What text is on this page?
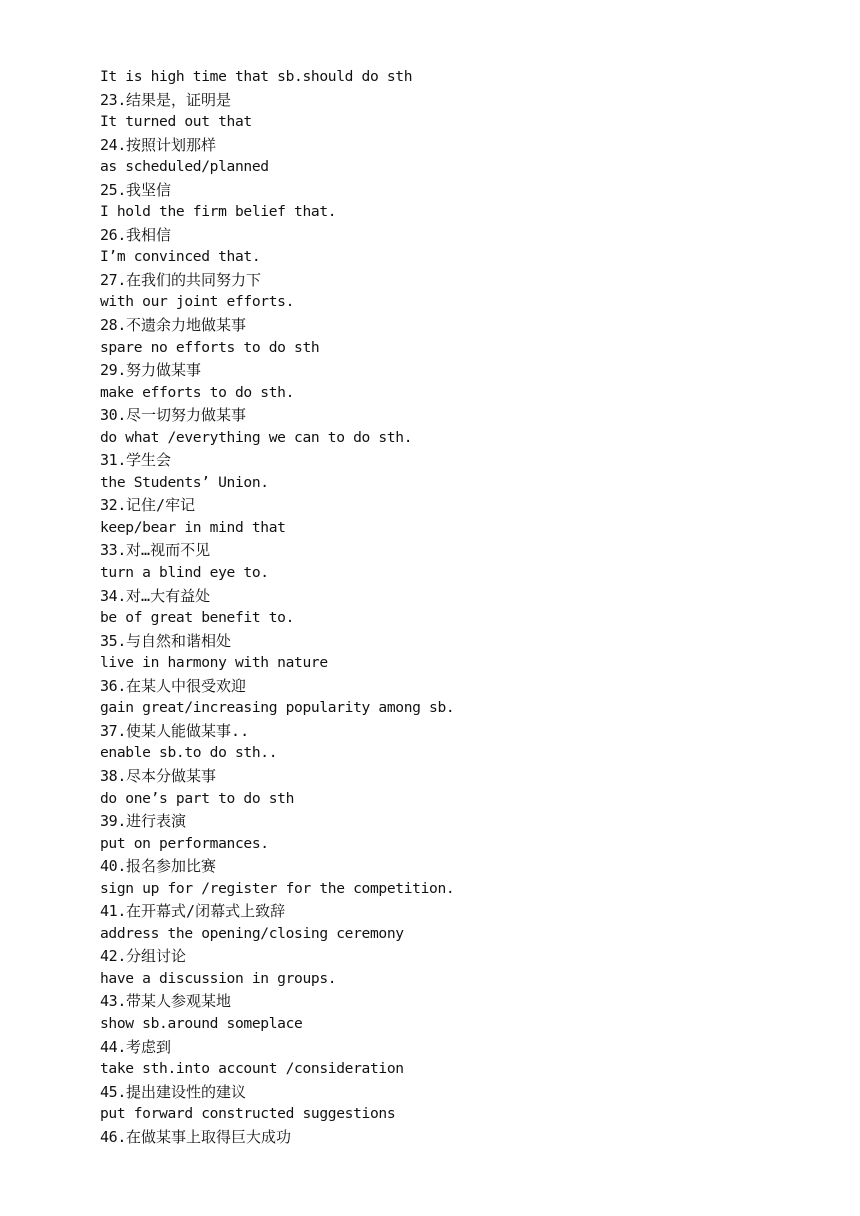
It is high time that sb.should do sth
23.结果是，证明是
It turned out that
24.按照计划那样
as scheduled/planned
25.我坚信
I hold the firm belief that.
26.我相信
I’m convinced that.
27.在我们的共同努力下
with our joint efforts.
28.不遗余力地做某事
spare no efforts to do sth
29.努力做某事
make efforts to do sth.
30.尽一切努力做某事
do what /everything we can to do sth.
31.学生会
the Students’ Union.
32.记住/牢记
keep/bear in mind that
33.对…视而不见
turn a blind eye to.
34.对…大有益处
be of great benefit to.
35.与自然和谐相处
live in harmony with nature
36.在某人中很受欢迎
gain great/increasing popularity among sb.
37.使某人能做某事..
enable sb.to do sth..
38.尽本分做某事
do one’s part to do sth
39.进行表演
put on performances.
40.报名参加比赛
sign up for /register for the competition.
41.在开幕式/闭幕式上致辞
address the opening/closing ceremony
42.分组讨论
have a discussion in groups.
43.带某人参观某地
show sb.around someplace
44.考虑到
take sth.into account /consideration
45.提出建设性的建议
put forward constructed suggestions
46.在做某事上取得巨大成功
